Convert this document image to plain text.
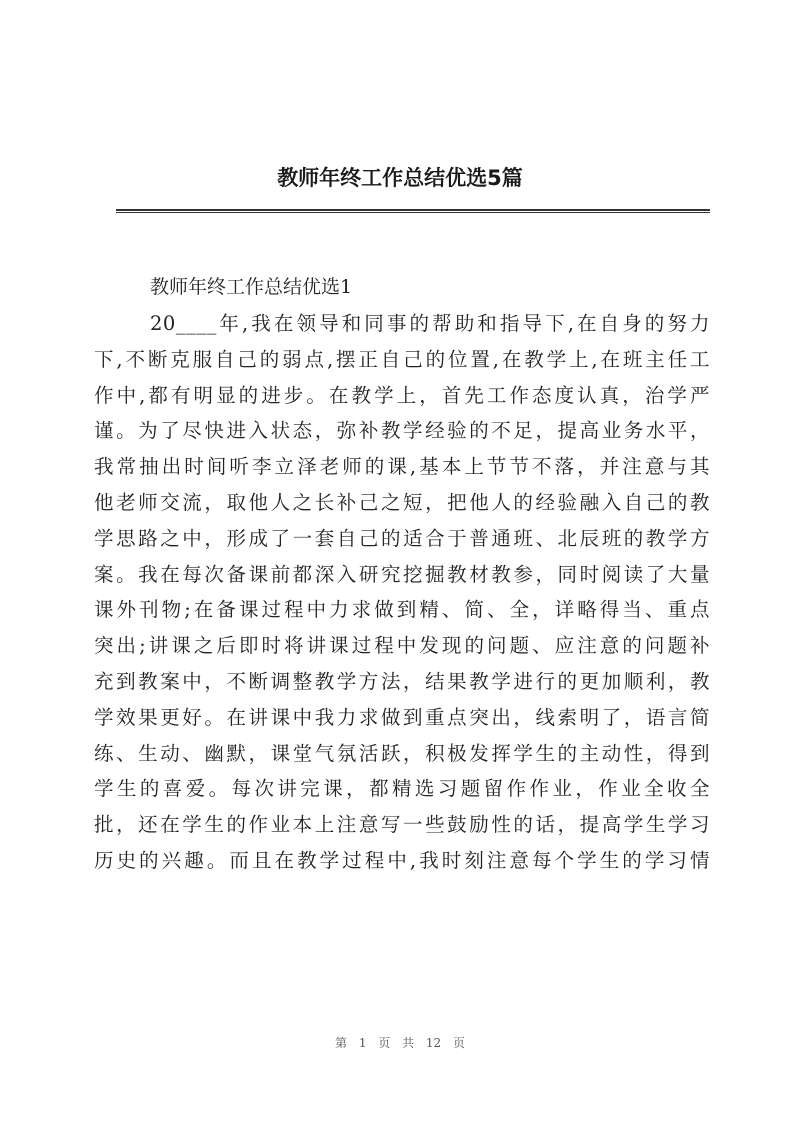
教师年终工作总结优选5篇

教师年终工作总结优选1

20____年,我在领导和同事的帮助和指导下,在自身的努力
下,不断克服自己的弱点,摆正自己的位置,在教学上,在班主任工
作中,都有明显的进步。在教学上，首先工作态度认真，治学严
谨。为了尽快进入状态，弥补教学经验的不足，提高业务水平，
我常抽出时间听李立泽老师的课,基本上节节不落，并注意与其
他老师交流，取他人之长补己之短，把他人的经验融入自己的教
学思路之中，形成了一套自己的适合于普通班、北辰班的教学方
案。我在每次备课前都深入研究挖掘教材教参，同时阅读了大量
课外刊物;在备课过程中力求做到精、简、全，详略得当、重点
突出;讲课之后即时将讲课过程中发现的问题、应注意的问题补
充到教案中，不断调整教学方法，结果教学进行的更加顺利，教
学效果更好。在讲课中我力求做到重点突出，线索明了，语言简
练、生动、幽默，课堂气氛活跃，积极发挥学生的主动性，得到
学生的喜爱。每次讲完课，都精选习题留作作业，作业全收全
批，还在学生的作业本上注意写一些鼓励性的话，提高学生学习
历史的兴趣。而且在教学过程中,我时刻注意每个学生的学习情
第 1 页 共 12 页
